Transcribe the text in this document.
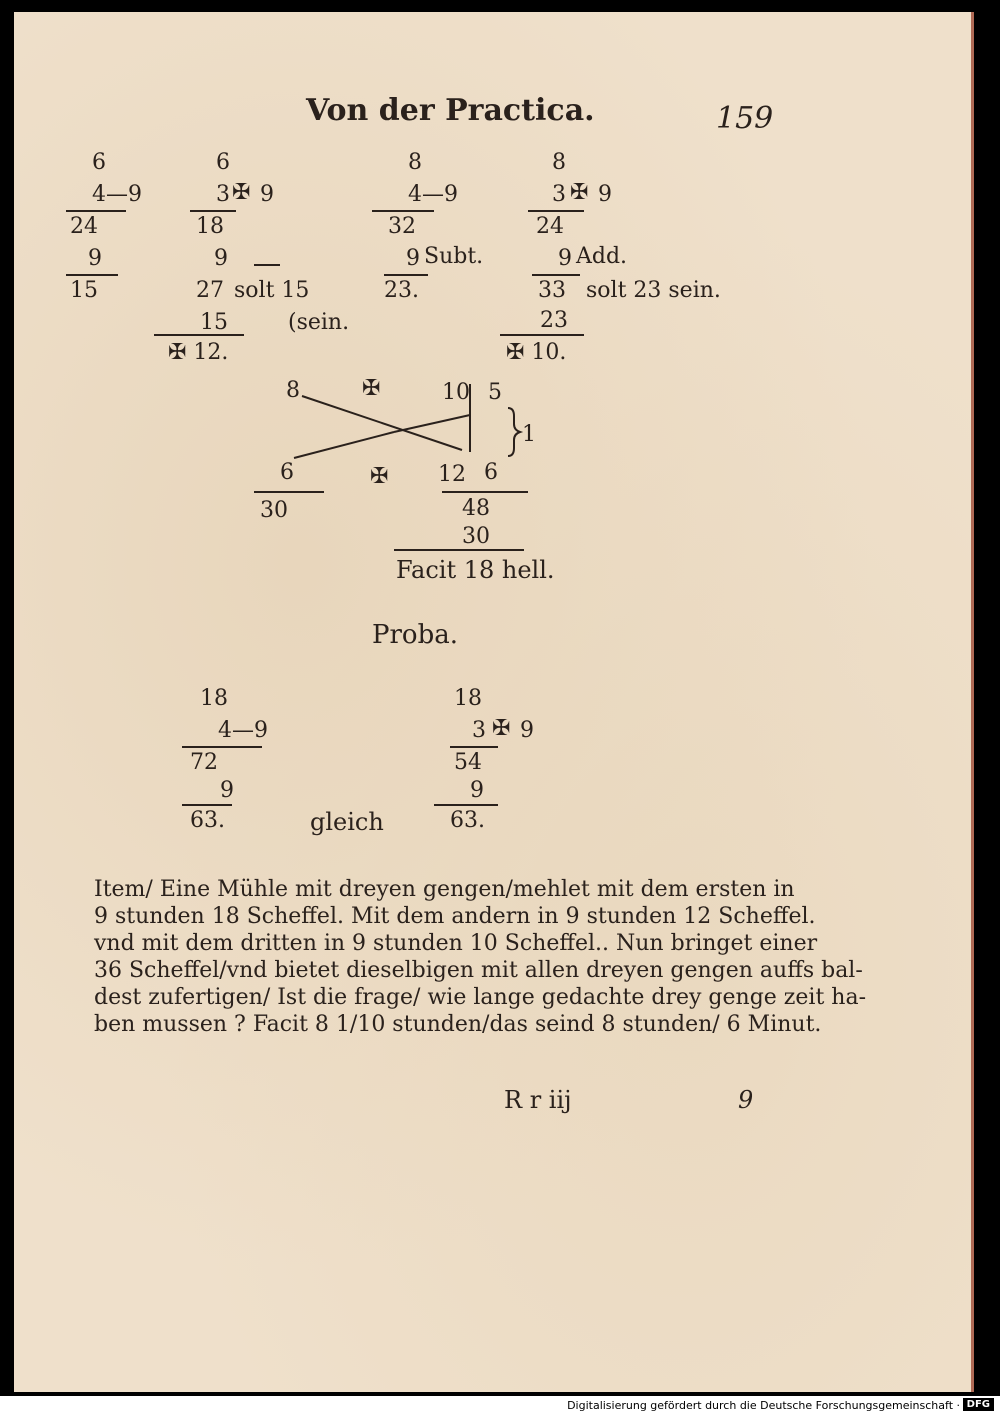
Von der Practica.	159
6
4—9
24
9
15
6
3 ✠ 9
18
9
27 solt 15
(sein.
15
✠ 12.
8
4—9
32
9 Subt.
23.
8
3 ✠ 9
24
9 Add.
33 solt 23 sein.
23
✠ 10.
8	✠	10 5
1
6	✠ 12 6
30	48
30
Facit 18 hell.
Proba.
18
4—9
72
9
63.	gleich
18
3 ✠ 9
54
9
63.
Item/ Eine Mühle mit dreyen gengen/mehlet mit dem ersten in
9 stunden 18 Scheffel. Mit dem andern in 9 stunden 12 Scheffel.
vnd mit dem dritten in 9 stunden 10 Scheffel.. Nun bringet einer
36 Scheffel/vnd bietet dieselbigen mit allen dreyen gengen auffs bal-
dest zufertigen/ Ist die frage/ wie lange gedachte drey genge zeit ha-
ben mussen ? Facit 8 1/10 stunden/das seind 8 stunden/ 6 Minut.
R r iij	9
Digitalisierung gefördert durch die Deutsche Forschungsgemeinschaft · DFG
